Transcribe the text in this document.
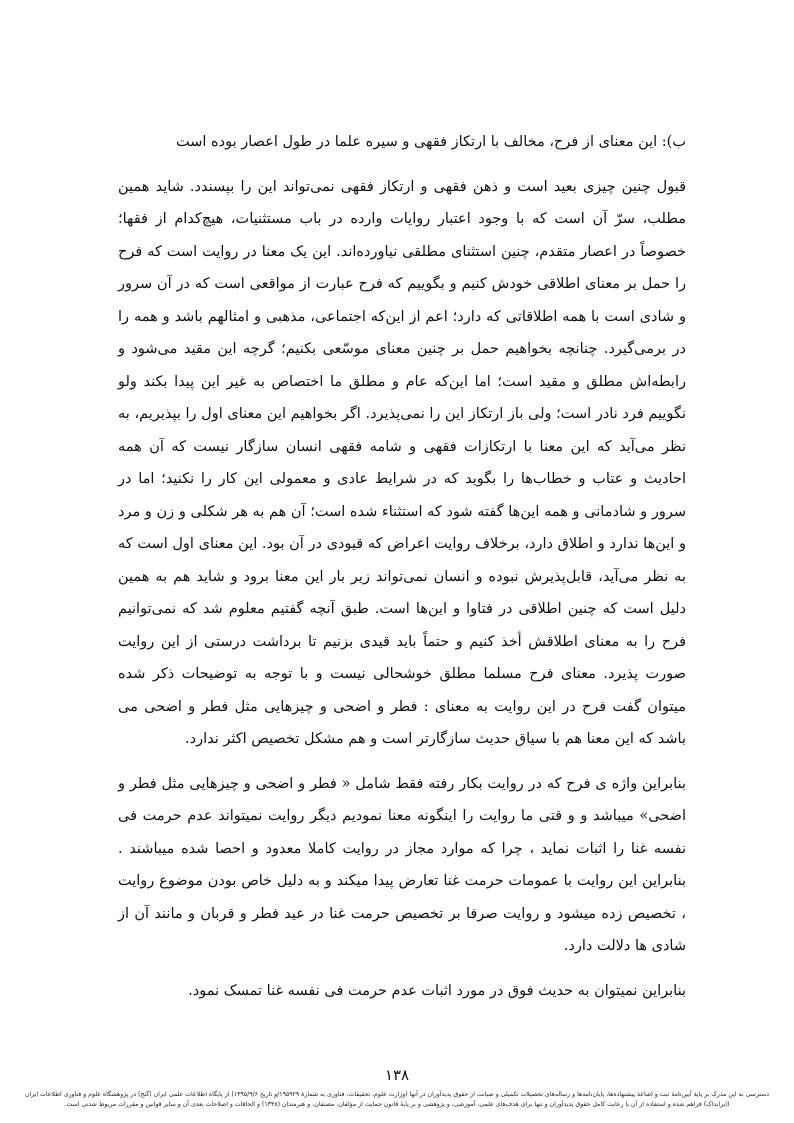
ب): این معنای از فرح، مخالف با ارتکاز فقهی و سیره علما در طول اعصار بوده است

قبول چنین چیزی بعید است و ذهن فقهی و ارتکاز فقهی نمی‌تواند این را بپسندد. شاید همین مطلب، سرّ آن است که با وجود اعتبار روایات وارده در باب مستثنیات، هیچ‌کدام از فقها؛ خصوصاً در اعصار متقدم، چنین استثنای مطلقی نیاورده‌اند. این یک معنا در روایت است که فرح را حمل بر معنای اطلاقی خودش کنیم و بگوییم که فرح عبارت از مواقعی است که در آن سرور و شادی است با همه اطلاقاتی که دارد؛ اعم از این‌که اجتماعی، مذهبی و امثالهم باشد و همه را در برمی‌گیرد. چنانچه بخواهیم حمل بر چنین معنای موسّعی بکنیم؛ گرچه این مقید می‌شود و رابطه‌اش مطلق و مقید است؛ اما این‌که عام و مطلق ما اختصاص به غیر این پیدا بکند ولو نگوییم فرد نادر است؛ ولی باز ارتکاز این را نمی‌پذیرد. اگر بخواهیم این معنای اول را بپذیریم، به نظر می‌آید که این معنا با ارتکازات فقهی و شامه فقهی انسان سازگار نیست که آن همه احادیث و عتاب و خطاب‌ها را بگوید که در شرایط عادی و معمولی این کار را نکنید؛ اما در سرور و شادمانی و همه این‌ها گفته شود که استثناء شده است؛ آن هم به هر شکلی و زن و مرد و این‌ها ندارد و اطلاق دارد، برخلاف روایت اعراض که قیودی در آن بود. این معنای اول است که به نظر می‌آید، قابل‌پذیرش نبوده و انسان نمی‌تواند زیر بار این معنا برود و شاید هم به همین دلیل است که چنین اطلاقی در فتاوا و این‌ها است. طبق آنچه گفتیم معلوم شد که نمی‌توانیم فرح را به معنای اطلاقش أخذ کنیم و حتماً باید قیدی بزنیم تا برداشت درستی از این روایت صورت پذیرد. معنای فرح مسلما مطلق خوشحالی نیست و با توجه به توضیحات ذکر شده میتوان گفت فرح در این روایت به معنای : فطر و اضحی و چیزهایی مثل فطر و اضحی می باشد که این معنا هم با سیاق حدیث سازگارتر است و هم مشکل تخصیص اکثر ندارد.

بنابراین واژه ی فرح که در روایت بکار رفته فقط شامل « فطر و اضحی و چیزهایی مثل فطر و اضحی» میباشد و و قتی ما روایت را اینگونه معنا نمودیم دیگر روایت نمیتواند عدم حرمت فی نفسه غنا را اثبات نماید ، چرا که موارد مجاز در روایت کاملا معدود و احصا شده میباشند . بنابراین این روایت با عمومات حرمت غنا تعارض پیدا میکند و به دلیل خاص بودن موضوع روایت ، تخصیص زده میشود و روایت صرفا بر تخصیص حرمت غنا در عید فطر و قربان و مانند آن از شادی ها دلالت دارد.

بنابراین نمیتوان به حدیث فوق در مورد اثبات عدم حرمت فی نفسه غنا تمسک نمود.

۱۳۸
دسترسی به این مدرک بر پایهٔ آیین‌نامهٔ ثبت و اشاعهٔ پیشنهاده‌ها، پایان‌نامه‌ها و رساله‌های تحصیلات تکمیلی و صیانت از حقوق پدیدآوران در آنها (وزارت علوم، تحقیقات، فناوری به شمارهٔ ۱۹۵۹۲۹/و تاریخ ۱۳۹۵/۹/۶) از پایگاه اطلاعات علمی ایران (گنج) در پژوهشگاه علوم و فناوری اطلاعات ایران (ایرانداک) فراهم شده و استفاده از آن با رعایت کامل حقوق پدیدآوران و تنها برای هدف‌های علمی، آموزشی، و پژوهشی و بر پایهٔ قانون حمایت از مؤلفان، مصنفان، و هنرمندان (۱۳۴۸) و الحاقات و اصلاحات بعدی آن و سایر قوانین و مقررات مربوط شدنی است.
